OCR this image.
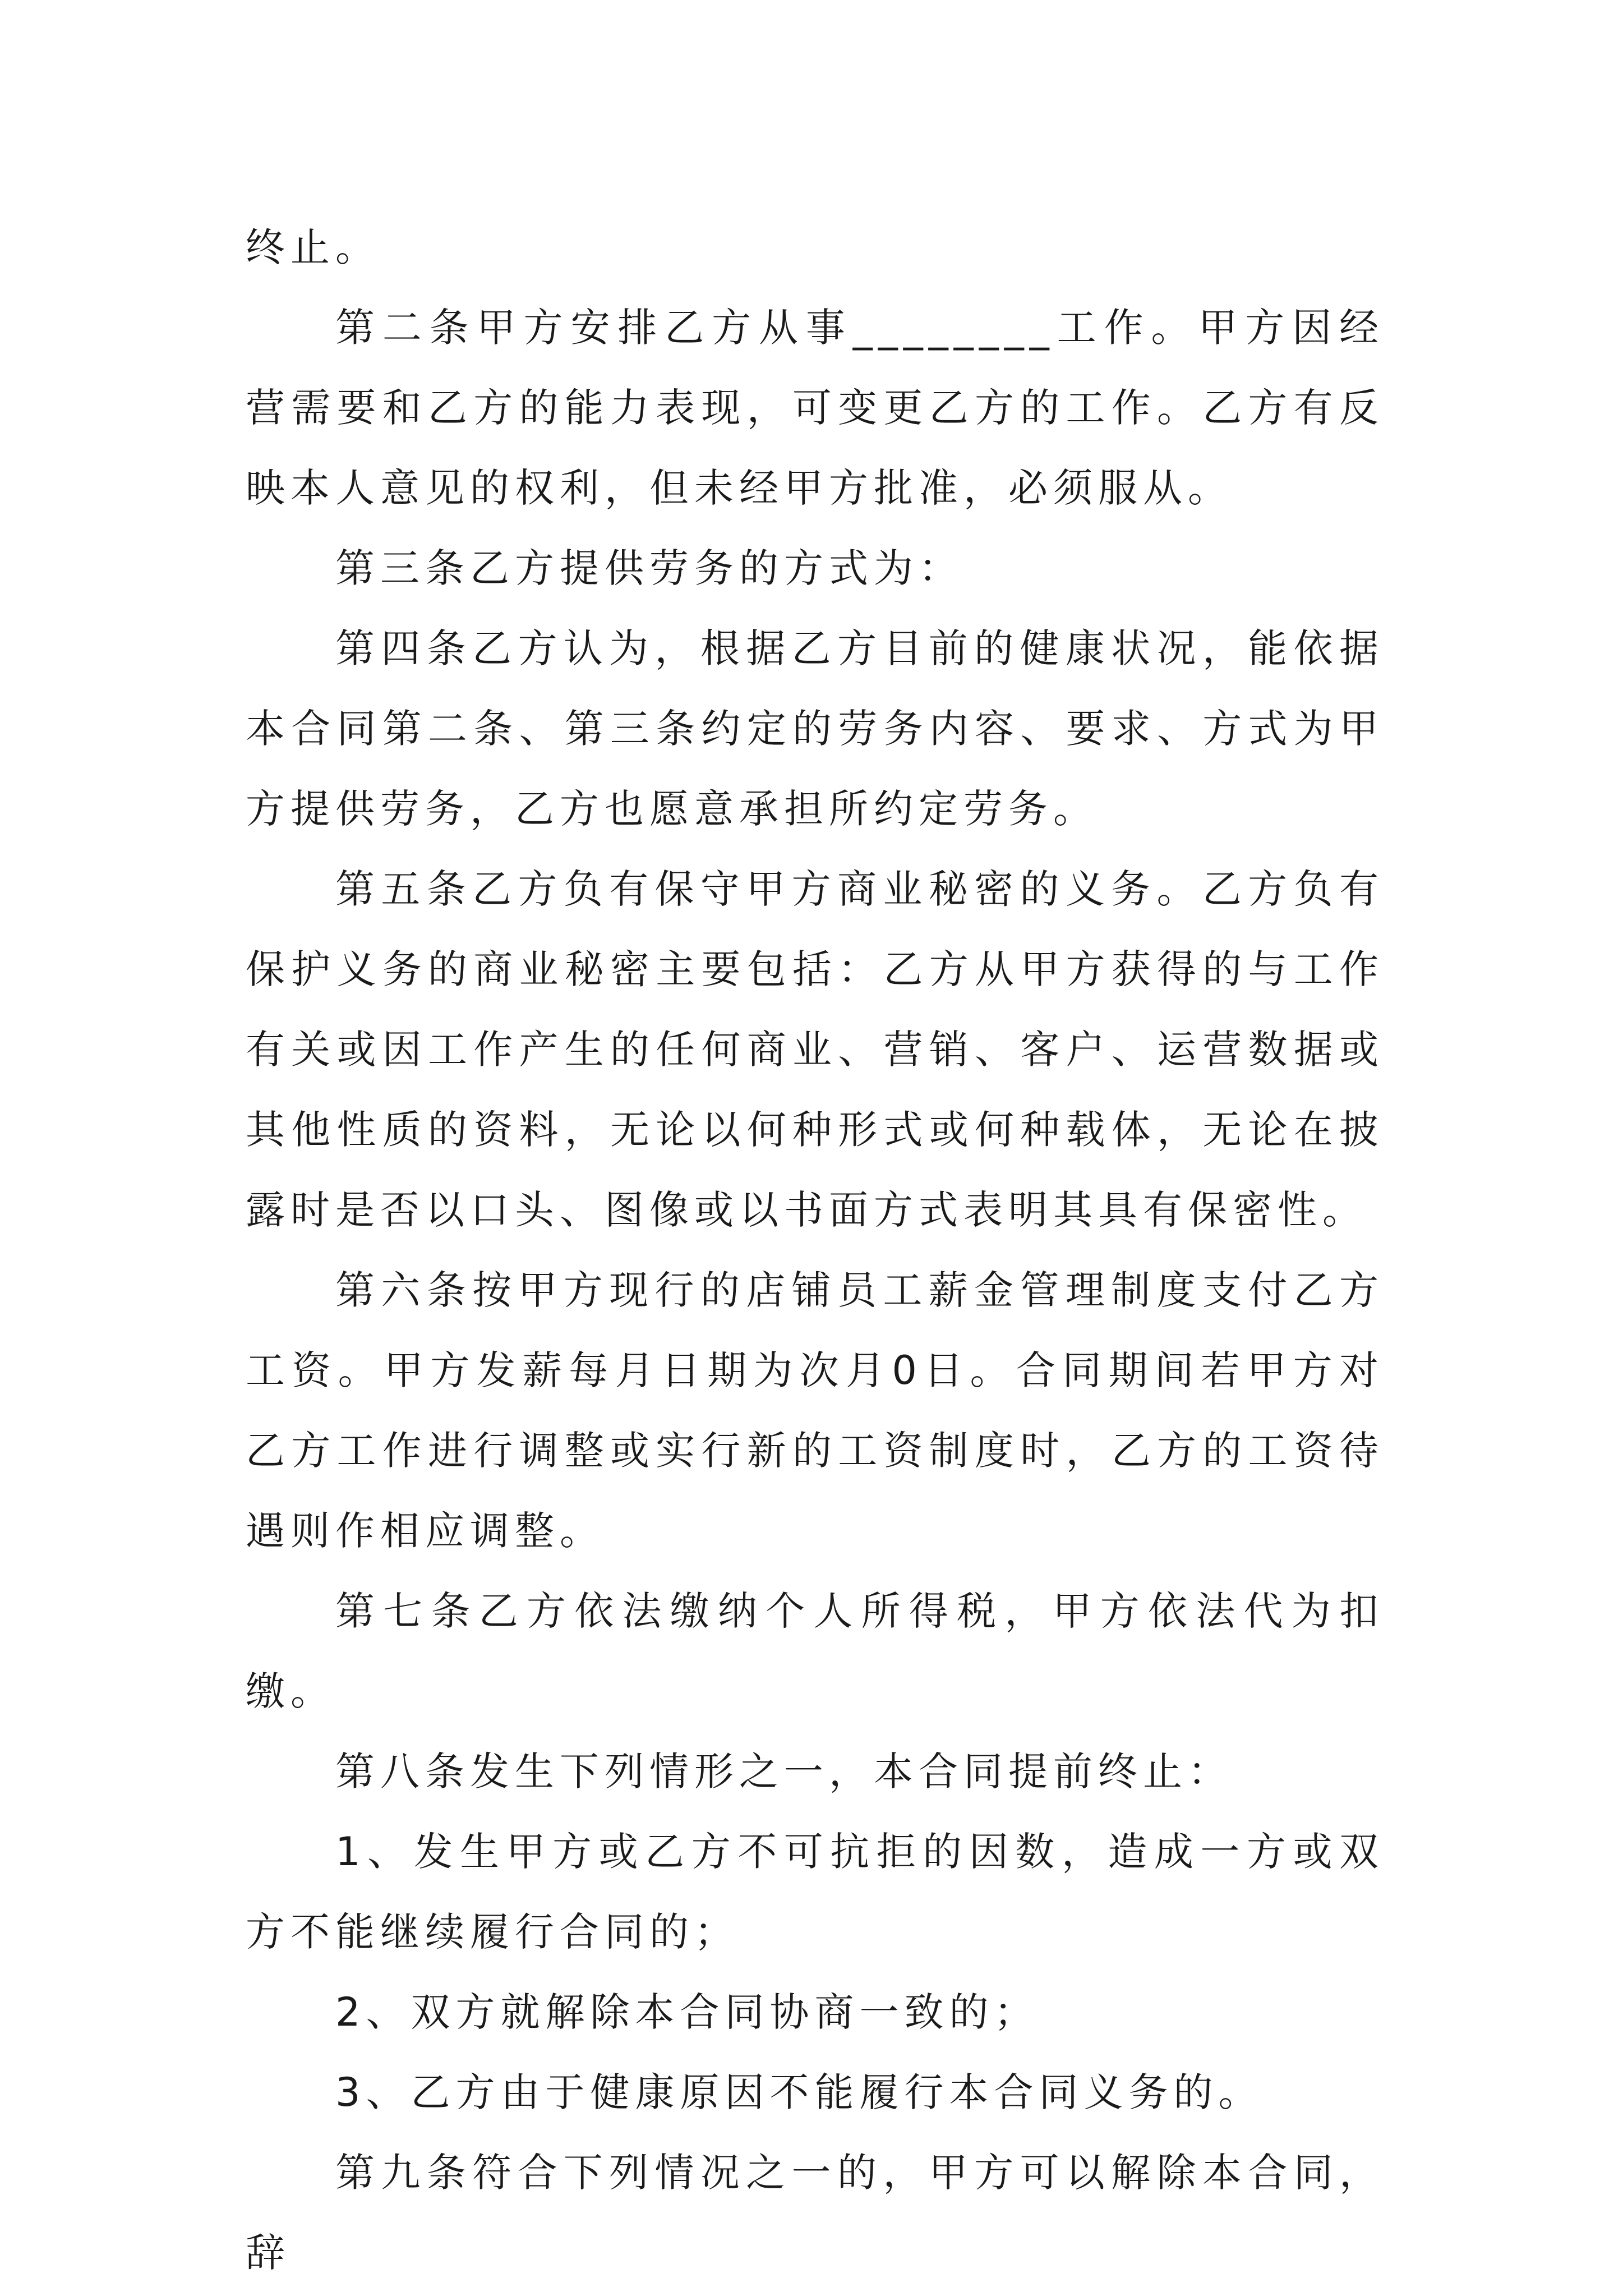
终止。

第二条甲方安排乙方从事________工作。甲方因经营需要和乙方的能力表现，可变更乙方的工作。乙方有反映本人意见的权利，但未经甲方批准，必须服从。

第三条乙方提供劳务的方式为：

第四条乙方认为，根据乙方目前的健康状况，能依据本合同第二条、第三条约定的劳务内容、要求、方式为甲方提供劳务，乙方也愿意承担所约定劳务。

第五条乙方负有保守甲方商业秘密的义务。乙方负有保护义务的商业秘密主要包括：乙方从甲方获得的与工作有关或因工作产生的任何商业、营销、客户、运营数据或其他性质的资料，无论以何种形式或何种载体，无论在披露时是否以口头、图像或以书面方式表明其具有保密性。

第六条按甲方现行的店铺员工薪金管理制度支付乙方工资。甲方发薪每月日期为次月0日。合同期间若甲方对乙方工作进行调整或实行新的工资制度时，乙方的工资待遇则作相应调整。

第七条乙方依法缴纳个人所得税，甲方依法代为扣缴。

第八条发生下列情形之一，本合同提前终止：

1、发生甲方或乙方不可抗拒的因数，造成一方或双方不能继续履行合同的；

2、双方就解除本合同协商一致的；

3、乙方由于健康原因不能履行本合同义务的。

第九条符合下列情况之一的，甲方可以解除本合同，辞
